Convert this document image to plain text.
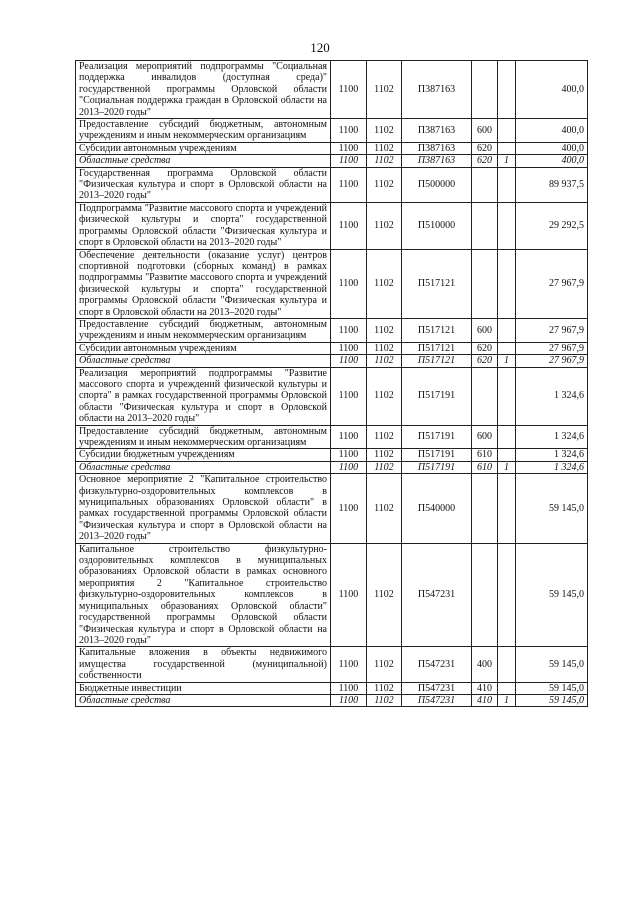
120
Реализация мероприятий подпрограммы "Социальная поддержка инвалидов (доступная среда)" государственной программы Орловской области "Социальная поддержка граждан в Орловской области на 2013–2020 годы"	1100	1102	П387163			400,0
Предоставление субсидий бюджетным, автономным учреждениям и иным некоммерческим организациям	1100	1102	П387163	600		400,0
Субсидии автономным учреждениям	1100	1102	П387163	620		400,0
Областные средства	1100	1102	П387163	620	1	400,0
Государственная программа Орловской области "Физическая культура и спорт в Орловской области на 2013–2020 годы"	1100	1102	П500000			89 937,5
Подпрограмма "Развитие массового спорта и учреждений физической культуры и спорта" государственной программы Орловской области "Физическая культура и спорт в Орловской области на 2013–2020 годы"	1100	1102	П510000			29 292,5
Обеспечение деятельности (оказание услуг) центров спортивной подготовки (сборных команд) в рамках подпрограммы "Развитие массового спорта и учреждений физической культуры и спорта" государственной программы Орловской области "Физическая культура и спорт в Орловской области на 2013–2020 годы"	1100	1102	П517121			27 967,9
Предоставление субсидий бюджетным, автономным учреждениям и иным некоммерческим организациям	1100	1102	П517121	600		27 967,9
Субсидии автономным учреждениям	1100	1102	П517121	620		27 967,9
Областные средства	1100	1102	П517121	620	1	27 967,9
Реализация мероприятий подпрограммы "Развитие массового спорта и учреждений физической культуры и спорта" в рамках государственной программы Орловской области "Физическая культура и спорт в Орловской области на 2013–2020 годы"	1100	1102	П517191			1 324,6
Предоставление субсидий бюджетным, автономным учреждениям и иным некоммерческим организациям	1100	1102	П517191	600		1 324,6
Субсидии бюджетным учреждениям	1100	1102	П517191	610		1 324,6
Областные средства	1100	1102	П517191	610	1	1 324,6
Основное мероприятие 2 "Капитальное строительство физкультурно-оздоровительных комплексов в муниципальных образованиях Орловской области" в рамках государственной программы Орловской области "Физическая культура и спорт в Орловской области на 2013–2020 годы"	1100	1102	П540000			59 145,0
Капитальное строительство физкультурно-оздоровительных комплексов в муниципальных образованиях Орловской области в рамках основного мероприятия 2 "Капитальное строительство физкультурно-оздоровительных комплексов в муниципальных образованиях Орловской области" государственной программы Орловской области "Физическая культура и спорт в Орловской области на 2013–2020 годы"	1100	1102	П547231			59 145,0
Капитальные вложения в объекты недвижимого имущества государственной (муниципальной) собственности	1100	1102	П547231	400		59 145,0
Бюджетные инвестиции	1100	1102	П547231	410		59 145,0
Областные средства	1100	1102	П547231	410	1	59 145,0
